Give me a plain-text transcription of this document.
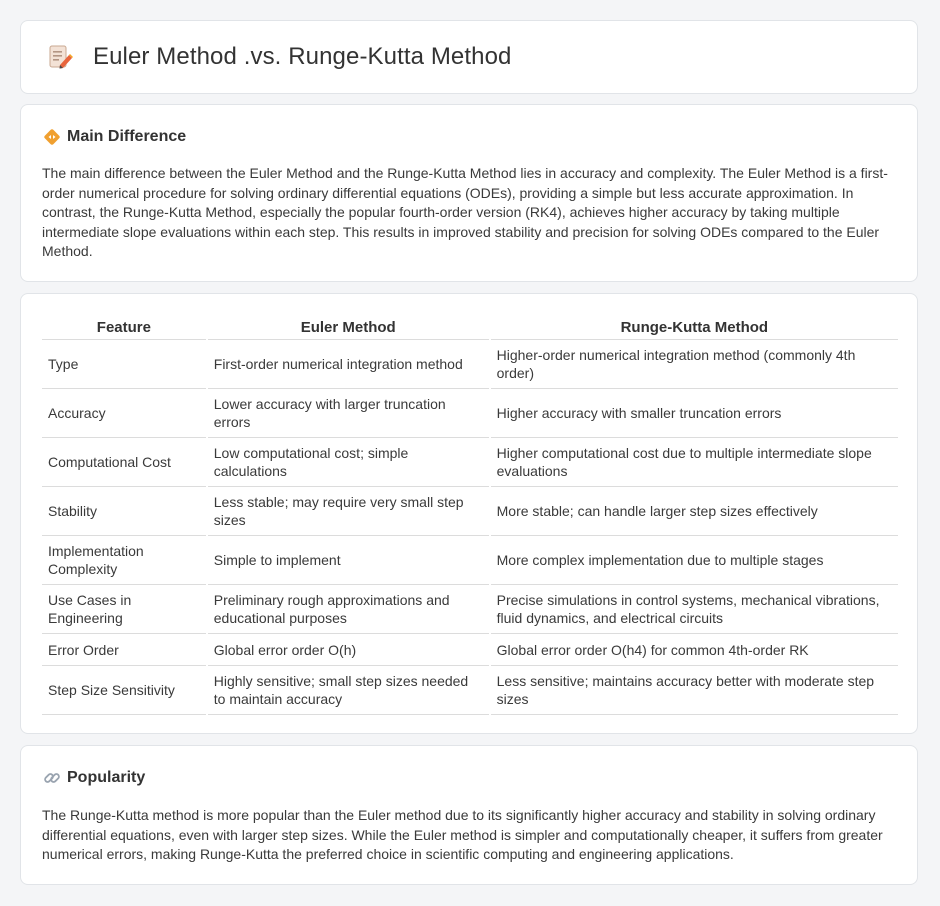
Euler Method .vs. Runge-Kutta Method
Main Difference
The main difference between the Euler Method and the Runge-Kutta Method lies in accuracy and complexity. The Euler Method is a first-order numerical procedure for solving ordinary differential equations (ODEs), providing a simple but less accurate approximation. In contrast, the Runge-Kutta Method, especially the popular fourth-order version (RK4), achieves higher accuracy by taking multiple intermediate slope evaluations within each step. This results in improved stability and precision for solving ODEs compared to the Euler Method.
Feature	Euler Method	Runge-Kutta Method
Type	First-order numerical integration method	Higher-order numerical integration method (commonly 4th order)
Accuracy	Lower accuracy with larger truncation errors	Higher accuracy with smaller truncation errors
Computational Cost	Low computational cost; simple calculations	Higher computational cost due to multiple intermediate slope evaluations
Stability	Less stable; may require very small step sizes	More stable; can handle larger step sizes effectively
Implementation Complexity	Simple to implement	More complex implementation due to multiple stages
Use Cases in Engineering	Preliminary rough approximations and educational purposes	Precise simulations in control systems, mechanical vibrations, fluid dynamics, and electrical circuits
Error Order	Global error order O(h)	Global error order O(h4) for common 4th-order RK
Step Size Sensitivity	Highly sensitive; small step sizes needed to maintain accuracy	Less sensitive; maintains accuracy better with moderate step sizes
Popularity
The Runge-Kutta method is more popular than the Euler method due to its significantly higher accuracy and stability in solving ordinary differential equations, even with larger step sizes. While the Euler method is simpler and computationally cheaper, it suffers from greater numerical errors, making Runge-Kutta the preferred choice in scientific computing and engineering applications.
